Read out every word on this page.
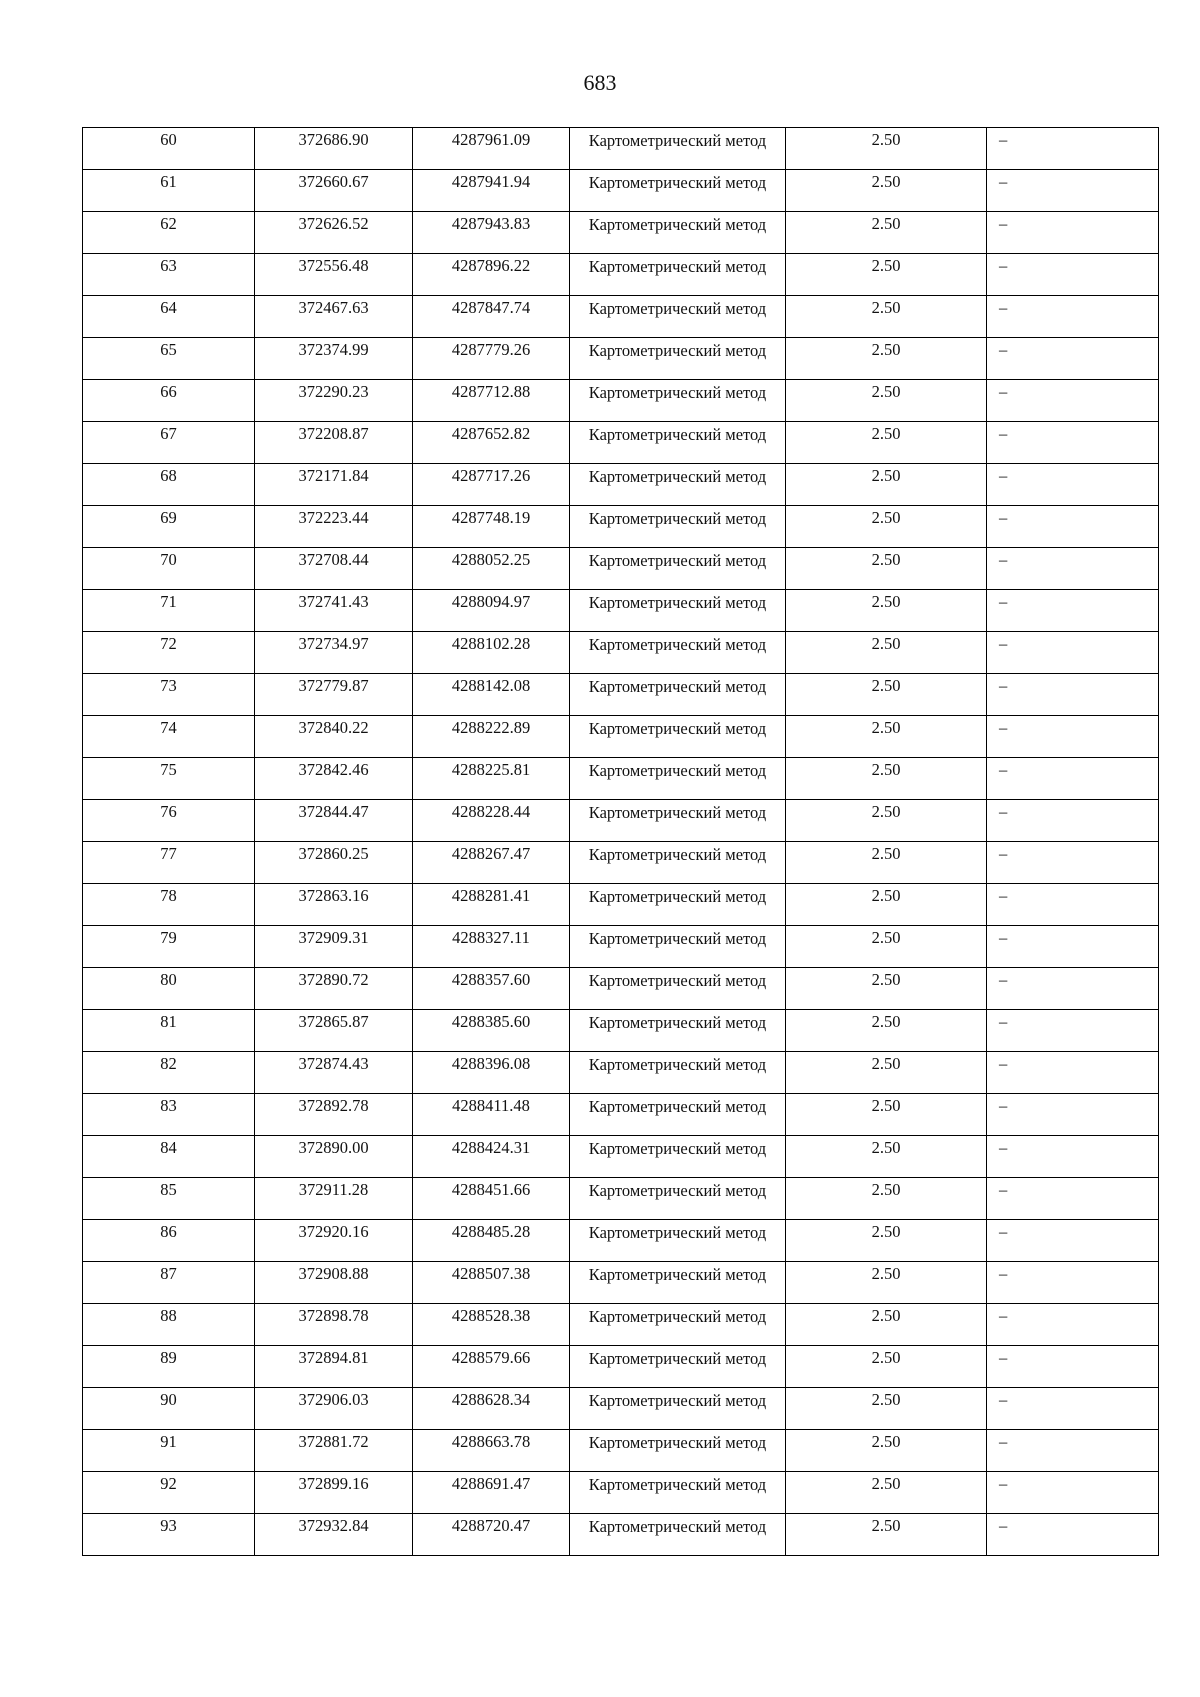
683
60	372686.90	4287961.09	Картометрический метод	2.50	–

61	372660.67	4287941.94	Картометрический метод	2.50	–

62	372626.52	4287943.83	Картометрический метод	2.50	–

63	372556.48	4287896.22	Картометрический метод	2.50	–

64	372467.63	4287847.74	Картометрический метод	2.50	–

65	372374.99	4287779.26	Картометрический метод	2.50	–

66	372290.23	4287712.88	Картометрический метод	2.50	–

67	372208.87	4287652.82	Картометрический метод	2.50	–

68	372171.84	4287717.26	Картометрический метод	2.50	–

69	372223.44	4287748.19	Картометрический метод	2.50	–

70	372708.44	4288052.25	Картометрический метод	2.50	–

71	372741.43	4288094.97	Картометрический метод	2.50	–

72	372734.97	4288102.28	Картометрический метод	2.50	–

73	372779.87	4288142.08	Картометрический метод	2.50	–

74	372840.22	4288222.89	Картометрический метод	2.50	–

75	372842.46	4288225.81	Картометрический метод	2.50	–

76	372844.47	4288228.44	Картометрический метод	2.50	–

77	372860.25	4288267.47	Картометрический метод	2.50	–

78	372863.16	4288281.41	Картометрический метод	2.50	–

79	372909.31	4288327.11	Картометрический метод	2.50	–

80	372890.72	4288357.60	Картометрический метод	2.50	–

81	372865.87	4288385.60	Картометрический метод	2.50	–

82	372874.43	4288396.08	Картометрический метод	2.50	–

83	372892.78	4288411.48	Картометрический метод	2.50	–

84	372890.00	4288424.31	Картометрический метод	2.50	–

85	372911.28	4288451.66	Картометрический метод	2.50	–

86	372920.16	4288485.28	Картометрический метод	2.50	–

87	372908.88	4288507.38	Картометрический метод	2.50	–

88	372898.78	4288528.38	Картометрический метод	2.50	–

89	372894.81	4288579.66	Картометрический метод	2.50	–

90	372906.03	4288628.34	Картометрический метод	2.50	–

91	372881.72	4288663.78	Картометрический метод	2.50	–

92	372899.16	4288691.47	Картометрический метод	2.50	–

93	372932.84	4288720.47	Картометрический метод	2.50	–
